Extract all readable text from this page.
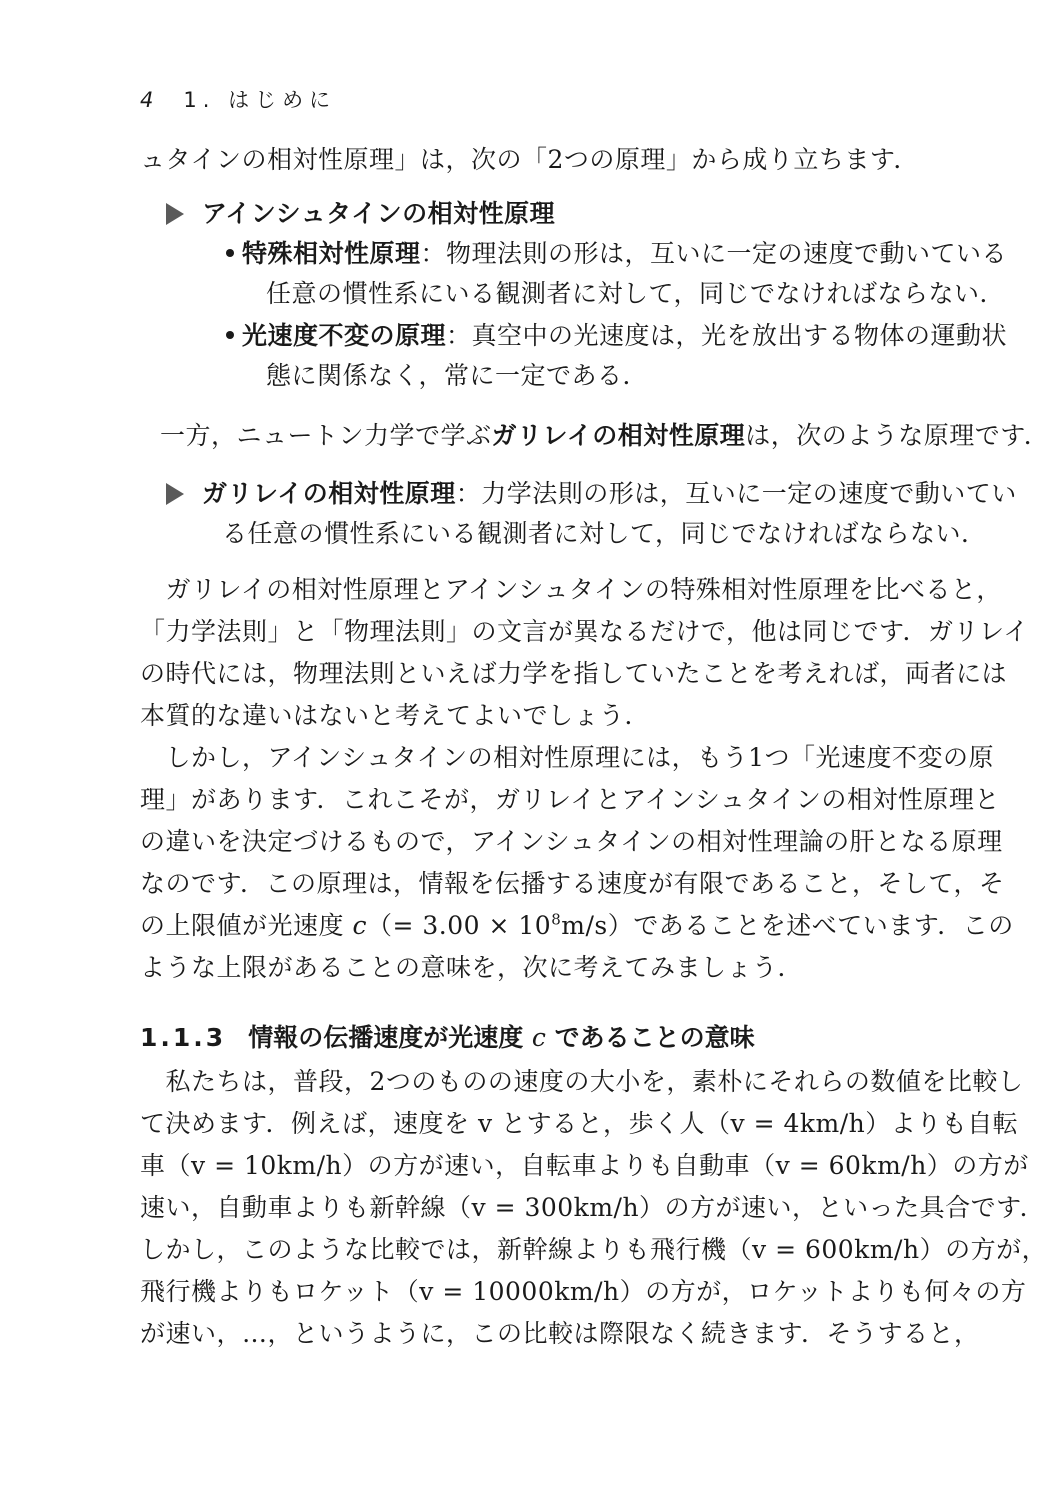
4 1. はじめに
ュタインの相対性原理」は，次の「2つの原理」から成り立ちます．
アインシュタインの相対性原理
特殊相対性原理：物理法則の形は，互いに一定の速度で動いている
任意の慣性系にいる観測者に対して，同じでなければならない．
光速度不変の原理：真空中の光速度は，光を放出する物体の運動状
態に関係なく，常に一定である．
一方，ニュートン力学で学ぶガリレイの相対性原理は，次のような原理です．
ガリレイの相対性原理：力学法則の形は，互いに一定の速度で動いてい
る任意の慣性系にいる観測者に対して，同じでなければならない．
　ガリレイの相対性原理とアインシュタインの特殊相対性原理を比べると，
「力学法則」と「物理法則」の文言が異なるだけで，他は同じです．ガリレイ
の時代には，物理法則といえば力学を指していたことを考えれば，両者には
本質的な違いはないと考えてよいでしょう．
　しかし，アインシュタインの相対性原理には，もう1つ「光速度不変の原
理」があります．これこそが，ガリレイとアインシュタインの相対性原理と
の違いを決定づけるもので，アインシュタインの相対性理論の肝となる原理
なのです．この原理は，情報を伝播する速度が有限であること，そして，そ
の上限値が光速度 $c(= 3.00 \times 10^8m/s)$であることを述べています．この
ような上限があることの意味を，次に考えてみましょう．
1.1.3 情報の伝播速度が光速度 c であることの意味
　私たちは，普段，2つのものの速度の大小を，素朴にそれらの数値を比較し
て決めます．例えば，速度を v とすると，歩く人（v = 4km/h）よりも自転
車（v = 10km/h）の方が速い，自転車よりも自動車（v = 60km/h）の方が
速い，自動車よりも新幹線（v = 300km/h）の方が速い，といった具合です．
しかし，このような比較では，新幹線よりも飛行機（v = 600km/h）の方が，
飛行機よりもロケット（v = 10000km/h）の方が，ロケットよりも何々の方
が速い，…，というように，この比較は際限なく続きます．そうすると，
